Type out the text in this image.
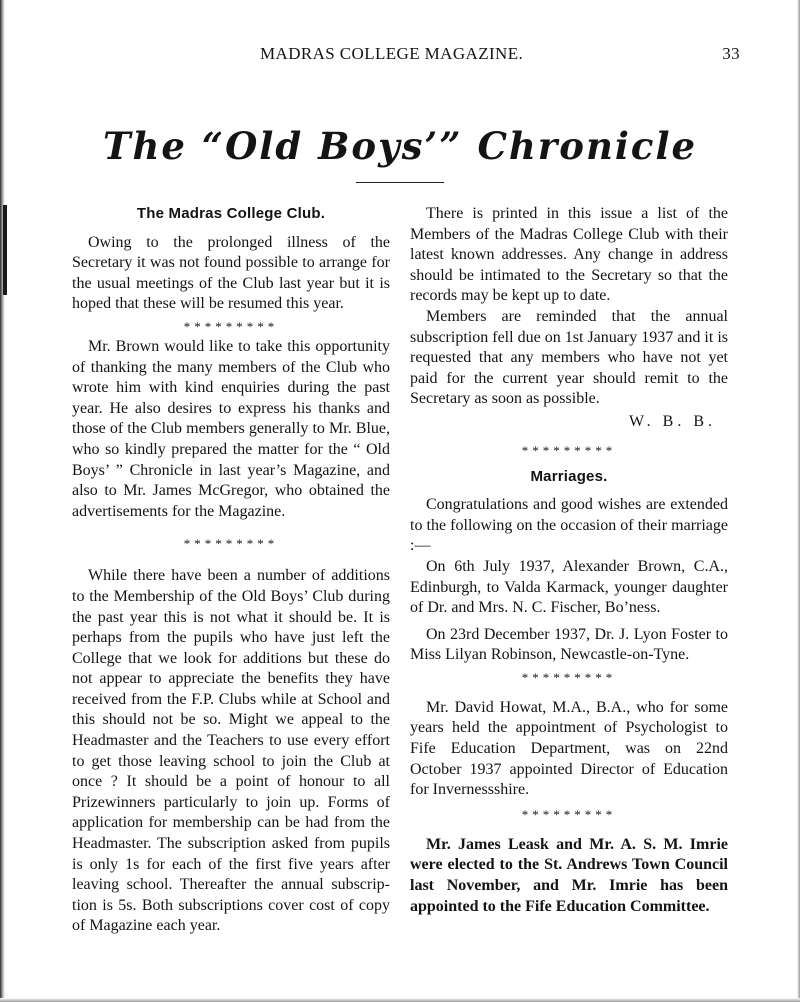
MADRAS COLLEGE MAGAZINE.	33
The “Old Boys’” Chronicle
The Madras College Club.

Owing to the prolonged illness of the Secretary it was not found possible to arrange for the usual meetings of the Club last year but it is hoped that these will be resumed this year.

*********

Mr. Brown would like to take this opportunity of thanking the many members of the Club who wrote him with kind enquiries during the past year. He also desires to express his thanks and those of the Club members generally to Mr. Blue, who so kindly prepared the matter for the “ Old Boys’ ” Chronicle in last year’s Magazine, and also to Mr. James McGregor, who obtained the advertisements for the Magazine.

*********

While there have been a number of additions to the Membership of the Old Boys’ Club during the past year this is not what it should be. It is perhaps from the pupils who have just left the College that we look for additions but these do not appear to appreciate the benefits they have received from the F.P. Clubs while at School and this should not be so. Might we appeal to the Headmaster and the Teachers to use every effort to get those leaving school to join the Club at once ? It should be a point of honour to all Prizewinners particularly to join up. Forms of application for membership can be had from the Headmaster. The subscription asked from pupils is only 1s for each of the first five years after leaving school. Thereafter the annual subscription is 5s. Both subscriptions cover cost of copy of Magazine each year.

There is printed in this issue a list of the Members of the Madras College Club with their latest known addresses. Any change in address should be intimated to the Secretary so that the records may be kept up to date.

Members are reminded that the annual subscription fell due on 1st January 1937 and it is requested that any members who have not yet paid for the current year should remit to the Secretary as soon as possible.

W. B. B.
*********
Marriages.

Congratulations and good wishes are extended to the following on the occasion of their marriage :—

On 6th July 1937, Alexander Brown, C.A., Edinburgh, to Valda Karmack, younger daughter of Dr. and Mrs. N. C. Fischer, Bo’ness.

On 23rd December 1937, Dr. J. Lyon Foster to Miss Lilyan Robinson, Newcastle-on-Tyne.

*********

Mr. David Howat, M.A., B.A., who for some years held the appointment of Psychologist to Fife Education Department, was on 22nd October 1937 appointed Director of Education for Invernessshire.

*********

Mr. James Leask and Mr. A. S. M. Imrie were elected to the St. Andrews Town Council last November, and Mr. Imrie has been appointed to the Fife Education Committee.
